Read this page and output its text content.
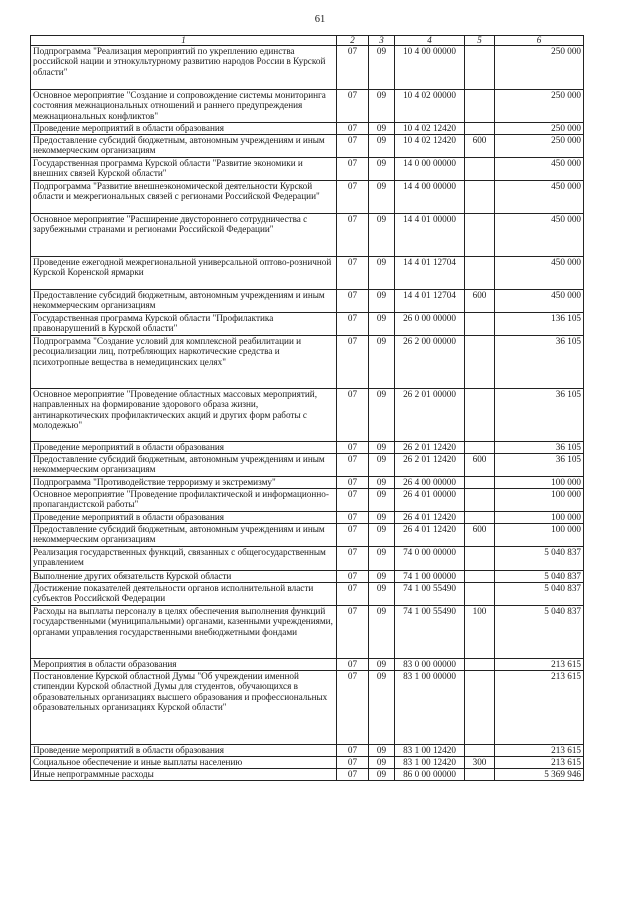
61
1	2	3	4	5	6
Подпрограмма "Реализация мероприятий по укреплению единства российской нации и этнокультурному развитию народов России в Курской области"	07	09	10 4 00 00000		250 000
Основное мероприятие "Создание и сопровождение системы мониторинга состояния межнациональных отношений и раннего предупреждения межнациональных конфликтов"	07	09	10 4 02 00000		250 000
Проведение мероприятий в области образования	07	09	10 4 02 12420		250 000
Предоставление субсидий бюджетным, автономным учреждениям и иным некоммерческим организациям	07	09	10 4 02 12420	600	250 000
Государственная программа Курской области "Развитие экономики и внешних связей Курской области"	07	09	14 0 00 00000		450 000
Подпрограмма "Развитие внешнеэкономической деятельности Курской области и межрегиональных связей с регионами Российской Федерации"	07	09	14 4 00 00000		450 000
Основное мероприятие "Расширение двустороннего сотрудничества с зарубежными странами и регионами Российской Федерации"	07	09	14 4 01 00000		450 000
Проведение ежегодной межрегиональной универсальной оптово-розничной Курской Коренской ярмарки	07	09	14 4 01 12704		450 000
Предоставление субсидий бюджетным, автономным учреждениям и иным некоммерческим организациям	07	09	14 4 01 12704	600	450 000
Государственная программа Курской области "Профилактика правонарушений в Курской области"	07	09	26 0 00 00000		136 105
Подпрограмма "Создание условий для комплексной реабилитации и ресоциализации лиц, потребляющих наркотические средства и психотропные вещества в немедицинских целях"	07	09	26 2 00 00000		36 105
Основное мероприятие "Проведение областных массовых мероприятий, направленных на формирование здорового образа жизни, антинаркотических профилактических акций и других форм работы с молодежью"	07	09	26 2 01 00000		36 105
Проведение мероприятий в области образования	07	09	26 2 01 12420		36 105
Предоставление субсидий бюджетным, автономным учреждениям и иным некоммерческим организациям	07	09	26 2 01 12420	600	36 105
Подпрограмма "Противодействие терроризму и экстремизму"	07	09	26 4 00 00000		100 000
Основное мероприятие "Проведение профилактической и информационно-пропагандистской работы"	07	09	26 4 01 00000		100 000
Проведение мероприятий в области образования	07	09	26 4 01 12420		100 000
Предоставление субсидий бюджетным, автономным учреждениям и иным некоммерческим организациям	07	09	26 4 01 12420	600	100 000
Реализация государственных функций, связанных с общегосударственным управлением	07	09	74 0 00 00000		5 040 837
Выполнение других обязательств Курской области	07	09	74 1 00 00000		5 040 837
Достижение показателей деятельности органов исполнительной власти субъектов Российской Федерации	07	09	74 1 00 55490		5 040 837
Расходы на выплаты персоналу в целях обеспечения выполнения функций государственными (муниципальными) органами, казенными учреждениями, органами управления государственными внебюджетными фондами	07	09	74 1 00 55490	100	5 040 837
Мероприятия в области образования	07	09	83 0 00 00000		213 615
Постановление Курской областной Думы "Об учреждении именной стипендии Курской областной Думы для студентов, обучающихся в образовательных организациях высшего образования и профессиональных образовательных организациях Курской области"	07	09	83 1 00 00000		213 615
Проведение мероприятий в области образования	07	09	83 1 00 12420		213 615
Социальное обеспечение и иные выплаты населению	07	09	83 1 00 12420	300	213 615
Иные непрограммные расходы	07	09	86 0 00 00000		5 369 946
